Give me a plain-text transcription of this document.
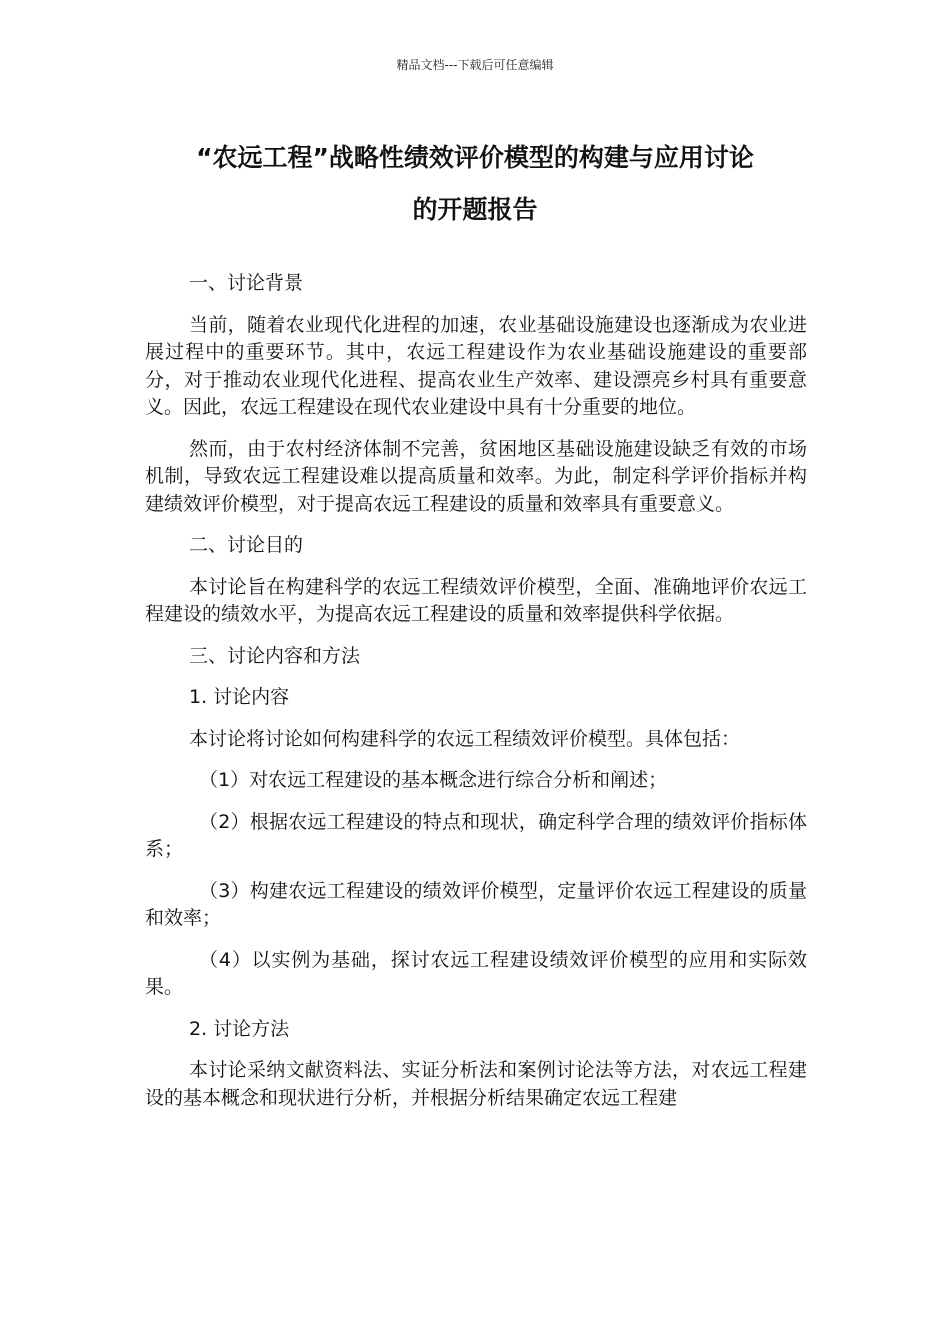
精品文档---下载后可任意编辑
“农远工程”战略性绩效评价模型的构建与应用讨论
的开题报告

一、讨论背景

当前，随着农业现代化进程的加速，农业基础设施建设也逐渐成为农业进展过程中的重要环节。其中，农远工程建设作为农业基础设施建设的重要部分，对于推动农业现代化进程、提高农业生产效率、建设漂亮乡村具有重要意义。因此，农远工程建设在现代农业建设中具有十分重要的地位。

然而，由于农村经济体制不完善，贫困地区基础设施建设缺乏有效的市场机制，导致农远工程建设难以提高质量和效率。为此，制定科学评价指标并构建绩效评价模型，对于提高农远工程建设的质量和效率具有重要意义。

二、讨论目的

本讨论旨在构建科学的农远工程绩效评价模型，全面、准确地评价农远工程建设的绩效水平，为提高农远工程建设的质量和效率提供科学依据。

三、讨论内容和方法

1. 讨论内容

本讨论将讨论如何构建科学的农远工程绩效评价模型。具体包括：

（1）对农远工程建设的基本概念进行综合分析和阐述；

（2）根据农远工程建设的特点和现状，确定科学合理的绩效评价指标体系；

（3）构建农远工程建设的绩效评价模型，定量评价农远工程建设的质量和效率；

（4）以实例为基础，探讨农远工程建设绩效评价模型的应用和实际效果。

2. 讨论方法

本讨论采纳文献资料法、实证分析法和案例讨论法等方法，对农远工程建设的基本概念和现状进行分析，并根据分析结果确定农远工程建
